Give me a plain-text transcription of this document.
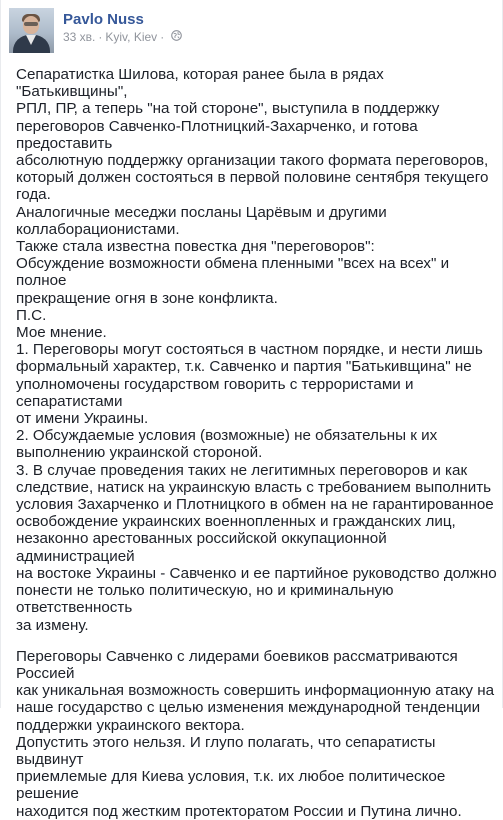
Pavlo Nuss
33 хв. · Kyiv, Kiev ·

Сепаратистка Шилова, которая ранее была в рядах "Батькивщины",
РПЛ, ПР, а теперь "на той стороне", выступила в поддержку
переговоров Савченко-Плотницкий-Захарченко, и готова предоставить
абсолютную поддержку организации такого формата переговоров,
который должен состояться в первой половине сентября текущего года.
Аналогичные меседжи посланы Царёвым и другими
коллаборационистами.
Также стала известна повестка дня "переговоров":
Обсуждение возможности обмена пленными "всех на всех" и полное
прекращение огня в зоне конфликта.
П.С.
Мое мнение.
1. Переговоры могут состояться в частном порядке, и нести лишь
формальный характер, т.к. Савченко и партия "Батькивщина" не
уполномочены государством говорить с террористами и сепаратистами
от имени Украины.
2. Обсуждаемые условия (возможные) не обязательны к их
выполнению украинской стороной.
3. В случае проведения таких не легитимных переговоров и как
следствие, натиск на украинскую власть с требованием выполнить
условия Захарченко и Плотницкого в обмен на не гарантированное
освобождение украинских военнопленных и гражданских лиц,
незаконно арестованных российской оккупационной администрацией
на востоке Украины - Савченко и ее партийное руководство должно
понести не только политическую, но и криминальную ответственность
за измену.

Переговоры Савченко с лидерами боевиков рассматриваются Россией
как уникальная возможность совершить информационную атаку на
наше государство с целью изменения международной тенденции
поддержки украинского вектора.
Допустить этого нельзя. И глупо полагать, что сепаратисты выдвинут
приемлемые для Киева условия, т.к. их любое политическое решение
находится под жестким протекторатом России и Путина лично.
